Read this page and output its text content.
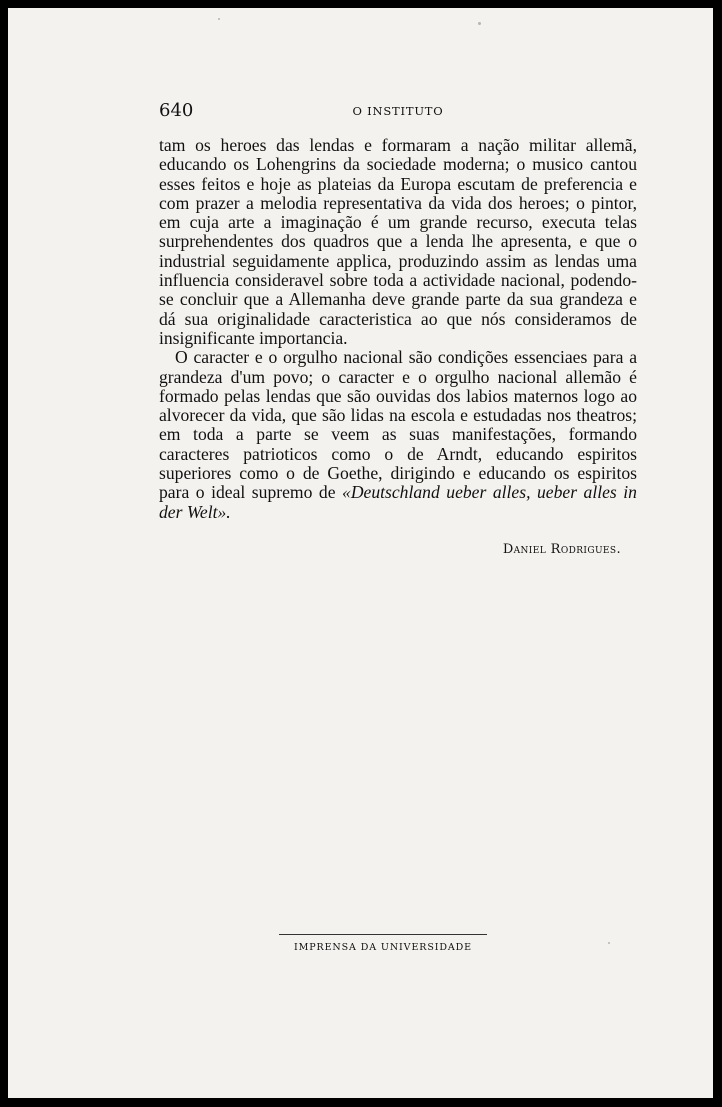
640	O INSTITUTO

tam os heroes das lendas e formaram a nação militar allemã, educando os Lohengrins da sociedade moderna; o musico cantou esses feitos e hoje as plateias da Europa escutam de preferencia e com prazer a melodia representativa da vida dos heroes; o pintor, em cuja arte a imaginação é um grande recurso, executa telas surprehendentes dos quadros que a lenda lhe apresenta, e que o industrial seguidamente applica, produzindo assim as lendas uma influencia consideravel sobre toda a actividade nacional, podendo-se concluir que a Allemanha deve grande parte da sua grandeza e dá sua originalidade caracteristica ao que nós consideramos de insignificante importancia.

O caracter e o orgulho nacional são condições essenciaes para a grandeza d'um povo; o caracter e o orgulho nacional allemão é formado pelas lendas que são ouvidas dos labios maternos logo ao alvorecer da vida, que são lidas na escola e estudadas nos theatros; em toda a parte se veem as suas manifestações, formando caracteres patrioticos como o de Arndt, educando espiritos superiores como o de Goethe, dirigindo e educando os espiritos para o ideal supremo de «Deutschland ueber alles, ueber alles in der Welt».

Daniel Rodrigues.
IMPRENSA DA UNIVERSIDADE
